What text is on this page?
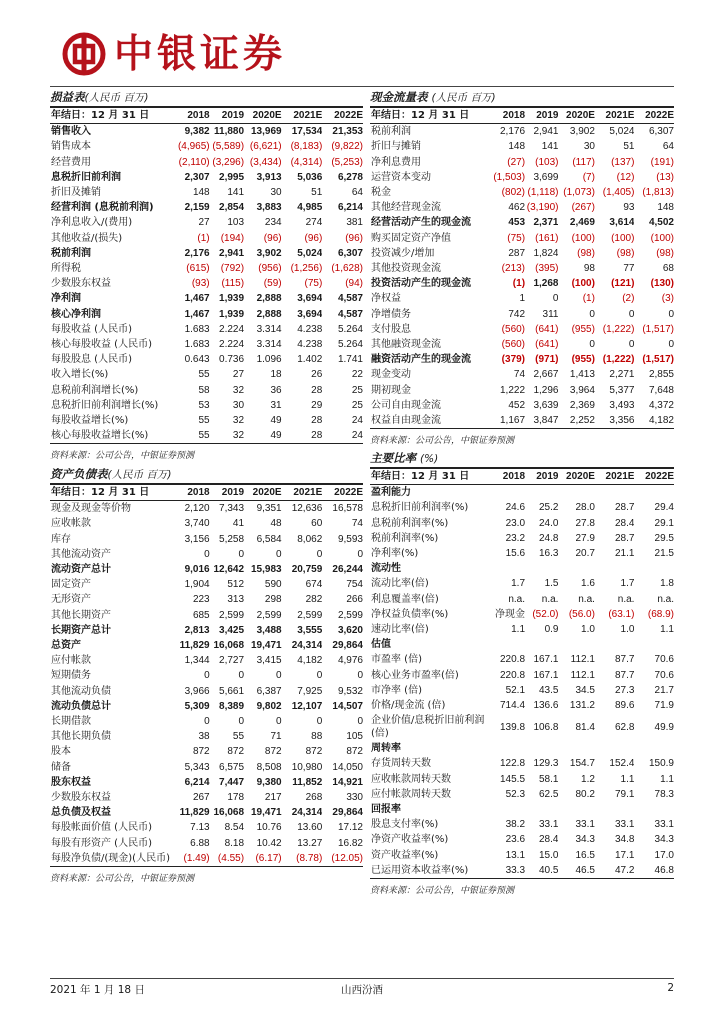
中银证券
损益表(人民币 百万)
年结日：12 月 31 日	2018	2019	2020E	2021E	2022E
销售收入	9,382	11,880	13,969	17,534	21,353
销售成本	(4,965)	(5,589)	(6,621)	(8,183)	(9,822)
经营费用	(2,110)	(3,296)	(3,434)	(4,314)	(5,253)
息税折旧前利润	2,307	2,995	3,913	5,036	6,278
折旧及摊销	148	141	30	51	64
经营利润 (息税前利润)	2,159	2,854	3,883	4,985	6,214
净利息收入/(费用)	27	103	234	274	381
其他收益/(损失)	(1)	(194)	(96)	(96)	(96)
税前利润	2,176	2,941	3,902	5,024	6,307
所得税	(615)	(792)	(956)	(1,256)	(1,628)
少数股东权益	(93)	(115)	(59)	(75)	(94)
净利润	1,467	1,939	2,888	3,694	4,587
核心净利润	1,467	1,939	2,888	3,694	4,587
每股收益 (人民币)	1.683	2.224	3.314	4.238	5.264
核心每股收益 (人民币)	1.683	2.224	3.314	4.238	5.264
每股股息 (人民币)	0.643	0.736	1.096	1.402	1.741
收入增长(%)	55	27	18	26	22
息税前利润增长(%)	58	32	36	28	25
息税折旧前利润增长(%)	53	30	31	29	25
每股收益增长(%)	55	32	49	28	24
核心每股收益增长(%)	55	32	49	28	24
资料来源：公司公告，中银证券预测
现金流量表 (人民币 百万)
年结日：12 月 31 日	2018	2019	2020E	2021E	2022E
税前利润	2,176	2,941	3,902	5,024	6,307
折旧与摊销	148	141	30	51	64
净利息费用	(27)	(103)	(117)	(137)	(191)
运营资本变动	(1,503)	3,699	(7)	(12)	(13)
税金	(802)	(1,118)	(1,073)	(1,405)	(1,813)
其他经营现金流	462	(3,190)	(267)	93	148
经营活动产生的现金流	453	2,371	2,469	3,614	4,502
购买固定资产净值	(75)	(161)	(100)	(100)	(100)
投资减少/增加	287	1,824	(98)	(98)	(98)
其他投资现金流	(213)	(395)	98	77	68
投资活动产生的现金流	(1)	1,268	(100)	(121)	(130)
净权益	1	0	(1)	(2)	(3)
净增债务	742	311	0	0	0
支付股息	(560)	(641)	(955)	(1,222)	(1,517)
其他融资现金流	(560)	(641)	0	0	0
融资活动产生的现金流	(379)	(971)	(955)	(1,222)	(1,517)
现金变动	74	2,667	1,413	2,271	2,855
期初现金	1,222	1,296	3,964	5,377	7,648
公司自由现金流	452	3,639	2,369	3,493	4,372
权益自由现金流	1,167	3,847	2,252	3,356	4,182
资料来源：公司公告，中银证券预测
资产负债表(人民币 百万)
年结日：12 月 31 日	2018	2019	2020E	2021E	2022E
现金及现金等价物	2,120	7,343	9,351	12,636	16,578
应收帐款	3,740	41	48	60	74
库存	3,156	5,258	6,584	8,062	9,593
其他流动资产	0	0	0	0	0
流动资产总计	9,016	12,642	15,983	20,759	26,244
固定资产	1,904	512	590	674	754
无形资产	223	313	298	282	266
其他长期资产	685	2,599	2,599	2,599	2,599
长期资产总计	2,813	3,425	3,488	3,555	3,620
总资产	11,829	16,068	19,471	24,314	29,864
应付帐款	1,344	2,727	3,415	4,182	4,976
短期债务	0	0	0	0	0
其他流动负债	3,966	5,661	6,387	7,925	9,532
流动负债总计	5,309	8,389	9,802	12,107	14,507
长期借款	0	0	0	0	0
其他长期负债	38	55	71	88	105
股本	872	872	872	872	872
储备	5,343	6,575	8,508	10,980	14,050
股东权益	6,214	7,447	9,380	11,852	14,921
少数股东权益	267	178	217	268	330
总负债及权益	11,829	16,068	19,471	24,314	29,864
每股帐面价值 (人民币)	7.13	8.54	10.76	13.60	17.12
每股有形资产 (人民币)	6.88	8.18	10.42	13.27	16.82
每股净负债/(现金)(人民币)	(1.49)	(4.55)	(6.17)	(8.78)	(12.05)
资料来源：公司公告，中银证券预测
主要比率 (%)
年结日：12 月 31 日	2018	2019	2020E	2021E	2022E
盈利能力					
息税折旧前利润率(%)	24.6	25.2	28.0	28.7	29.4
息税前利润率(%)	23.0	24.0	27.8	28.4	29.1
税前利润率(%)	23.2	24.8	27.9	28.7	29.5
净利率(%)	15.6	16.3	20.7	21.1	21.5
流动性					
流动比率(倍)	1.7	1.5	1.6	1.7	1.8
利息覆盖率(倍)	n.a.	n.a.	n.a.	n.a.	n.a.
净权益负债率(%)	净现金	(52.0)	(56.0)	(63.1)	(68.9)
速动比率(倍)	1.1	0.9	1.0	1.0	1.1
估值					
市盈率 (倍)	220.8	167.1	112.1	87.7	70.6
核心业务市盈率(倍)	220.8	167.1	112.1	87.7	70.6
市净率 (倍)	52.1	43.5	34.5	27.3	21.7
价格/现金流 (倍)	714.4	136.6	131.2	89.6	71.9
企业价值/息税折旧前利润(倍)	139.8	106.8	81.4	62.8	49.9
周转率					
存货周转天数	122.8	129.3	154.7	152.4	150.9
应收帐款周转天数	145.5	58.1	1.2	1.1	1.1
应付帐款周转天数	52.3	62.5	80.2	79.1	78.3
回报率					
股息支付率(%)	38.2	33.1	33.1	33.1	33.1
净资产收益率(%)	23.6	28.4	34.3	34.8	34.3
资产收益率(%)	13.1	15.0	16.5	17.1	17.0
已运用资本收益率(%)	33.3	40.5	46.5	47.2	46.8
资料来源：公司公告，中银证券预测
2021 年 1 月 18 日	山西汾酒	2
